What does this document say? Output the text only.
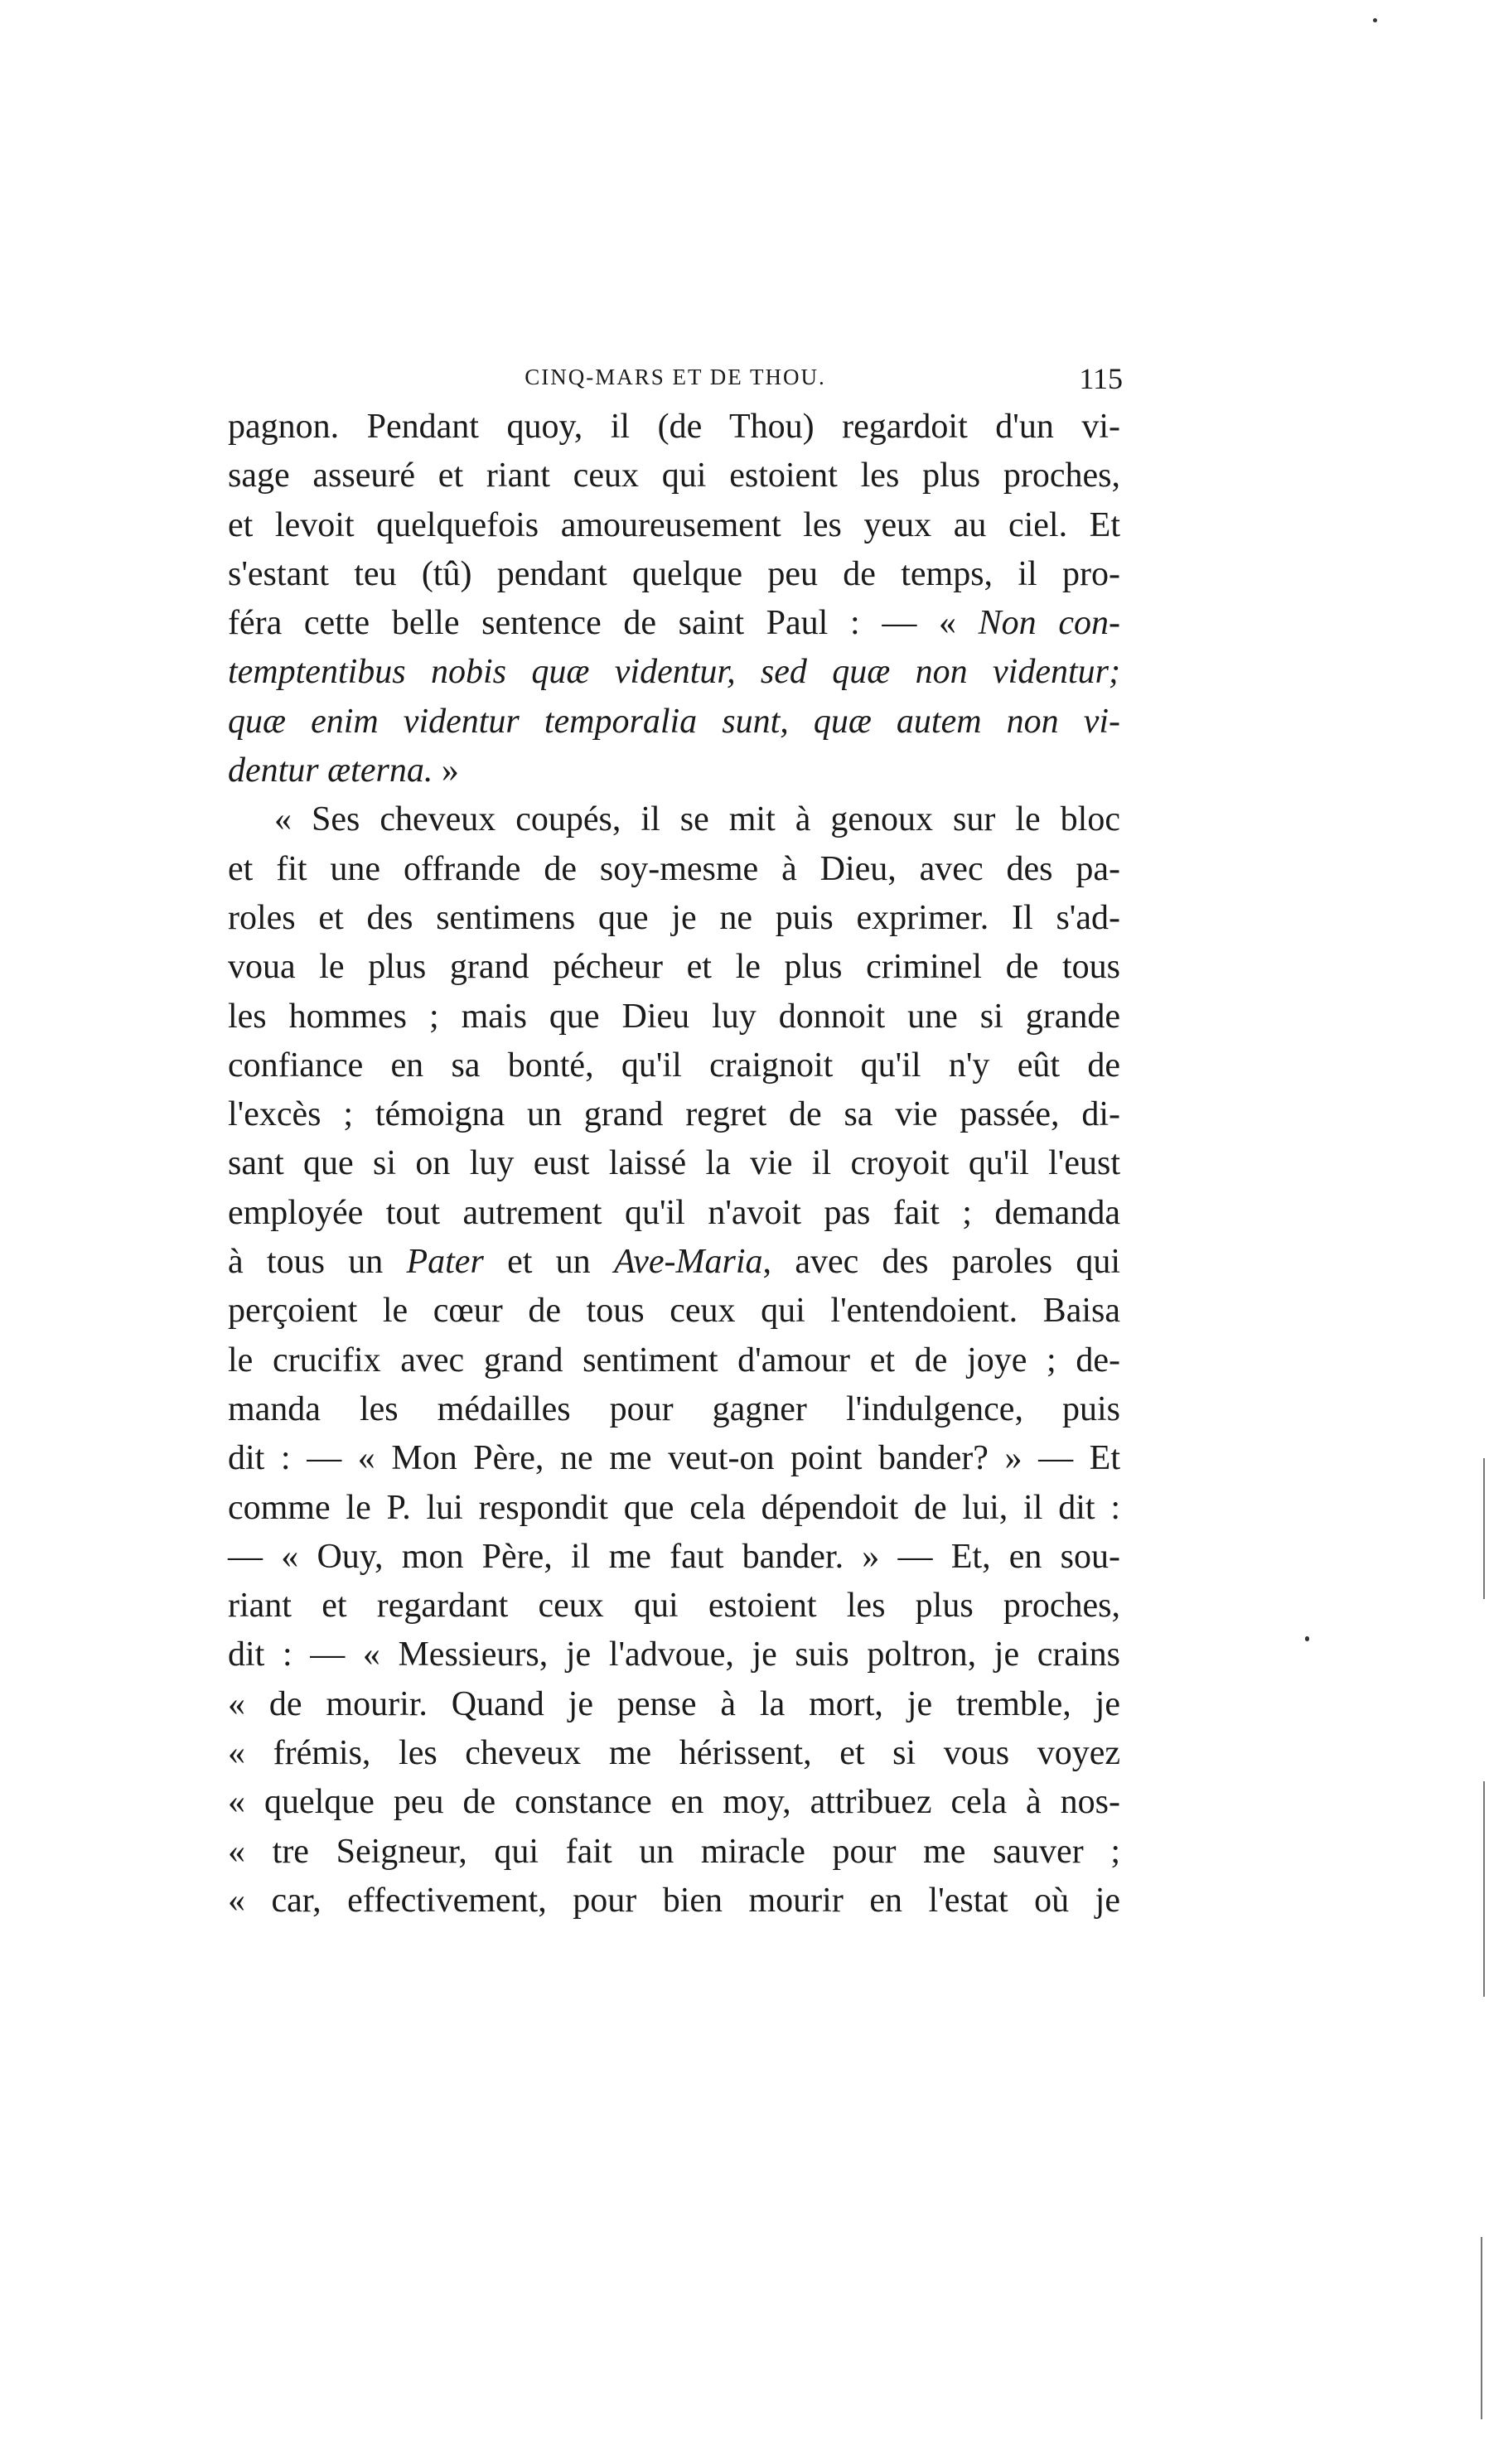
CINQ-MARS ET DE THOU.	115
pagnon. Pendant quoy, il (de Thou) regardoit d'un vi-
sage asseuré et riant ceux qui estoient les plus proches,
et levoit quelquefois amoureusement les yeux au ciel. Et
s'estant teu (tû) pendant quelque peu de temps, il pro-
féra cette belle sentence de saint Paul : — « Non con-
temptentibus nobis quæ videntur, sed quæ non videntur;
quæ enim videntur temporalia sunt, quæ autem non vi-
dentur æterna. »
« Ses cheveux coupés, il se mit à genoux sur le bloc
et fit une offrande de soy-mesme à Dieu, avec des pa-
roles et des sentimens que je ne puis exprimer. Il s'ad-
voua le plus grand pécheur et le plus criminel de tous
les hommes ; mais que Dieu luy donnoit une si grande
confiance en sa bonté, qu'il craignoit qu'il n'y eût de
l'excès ; témoigna un grand regret de sa vie passée, di-
sant que si on luy eust laissé la vie il croyoit qu'il l'eust
employée tout autrement qu'il n'avoit pas fait ; demanda
à tous un Pater et un Ave-Maria, avec des paroles qui
perçoient le cœur de tous ceux qui l'entendoient. Baisa
le crucifix avec grand sentiment d'amour et de joye ; de-
manda les médailles pour gagner l'indulgence, puis
dit : — « Mon Père, ne me veut-on point bander? » — Et
comme le P. lui respondit que cela dépendoit de lui, il dit :
— « Ouy, mon Père, il me faut bander. » — Et, en sou-
riant et regardant ceux qui estoient les plus proches,
dit : — « Messieurs, je l'advoue, je suis poltron, je crains
« de mourir. Quand je pense à la mort, je tremble, je
« frémis, les cheveux me hérissent, et si vous voyez
« quelque peu de constance en moy, attribuez cela à nos-
« tre Seigneur, qui fait un miracle pour me sauver ;
« car, effectivement, pour bien mourir en l'estat où je
